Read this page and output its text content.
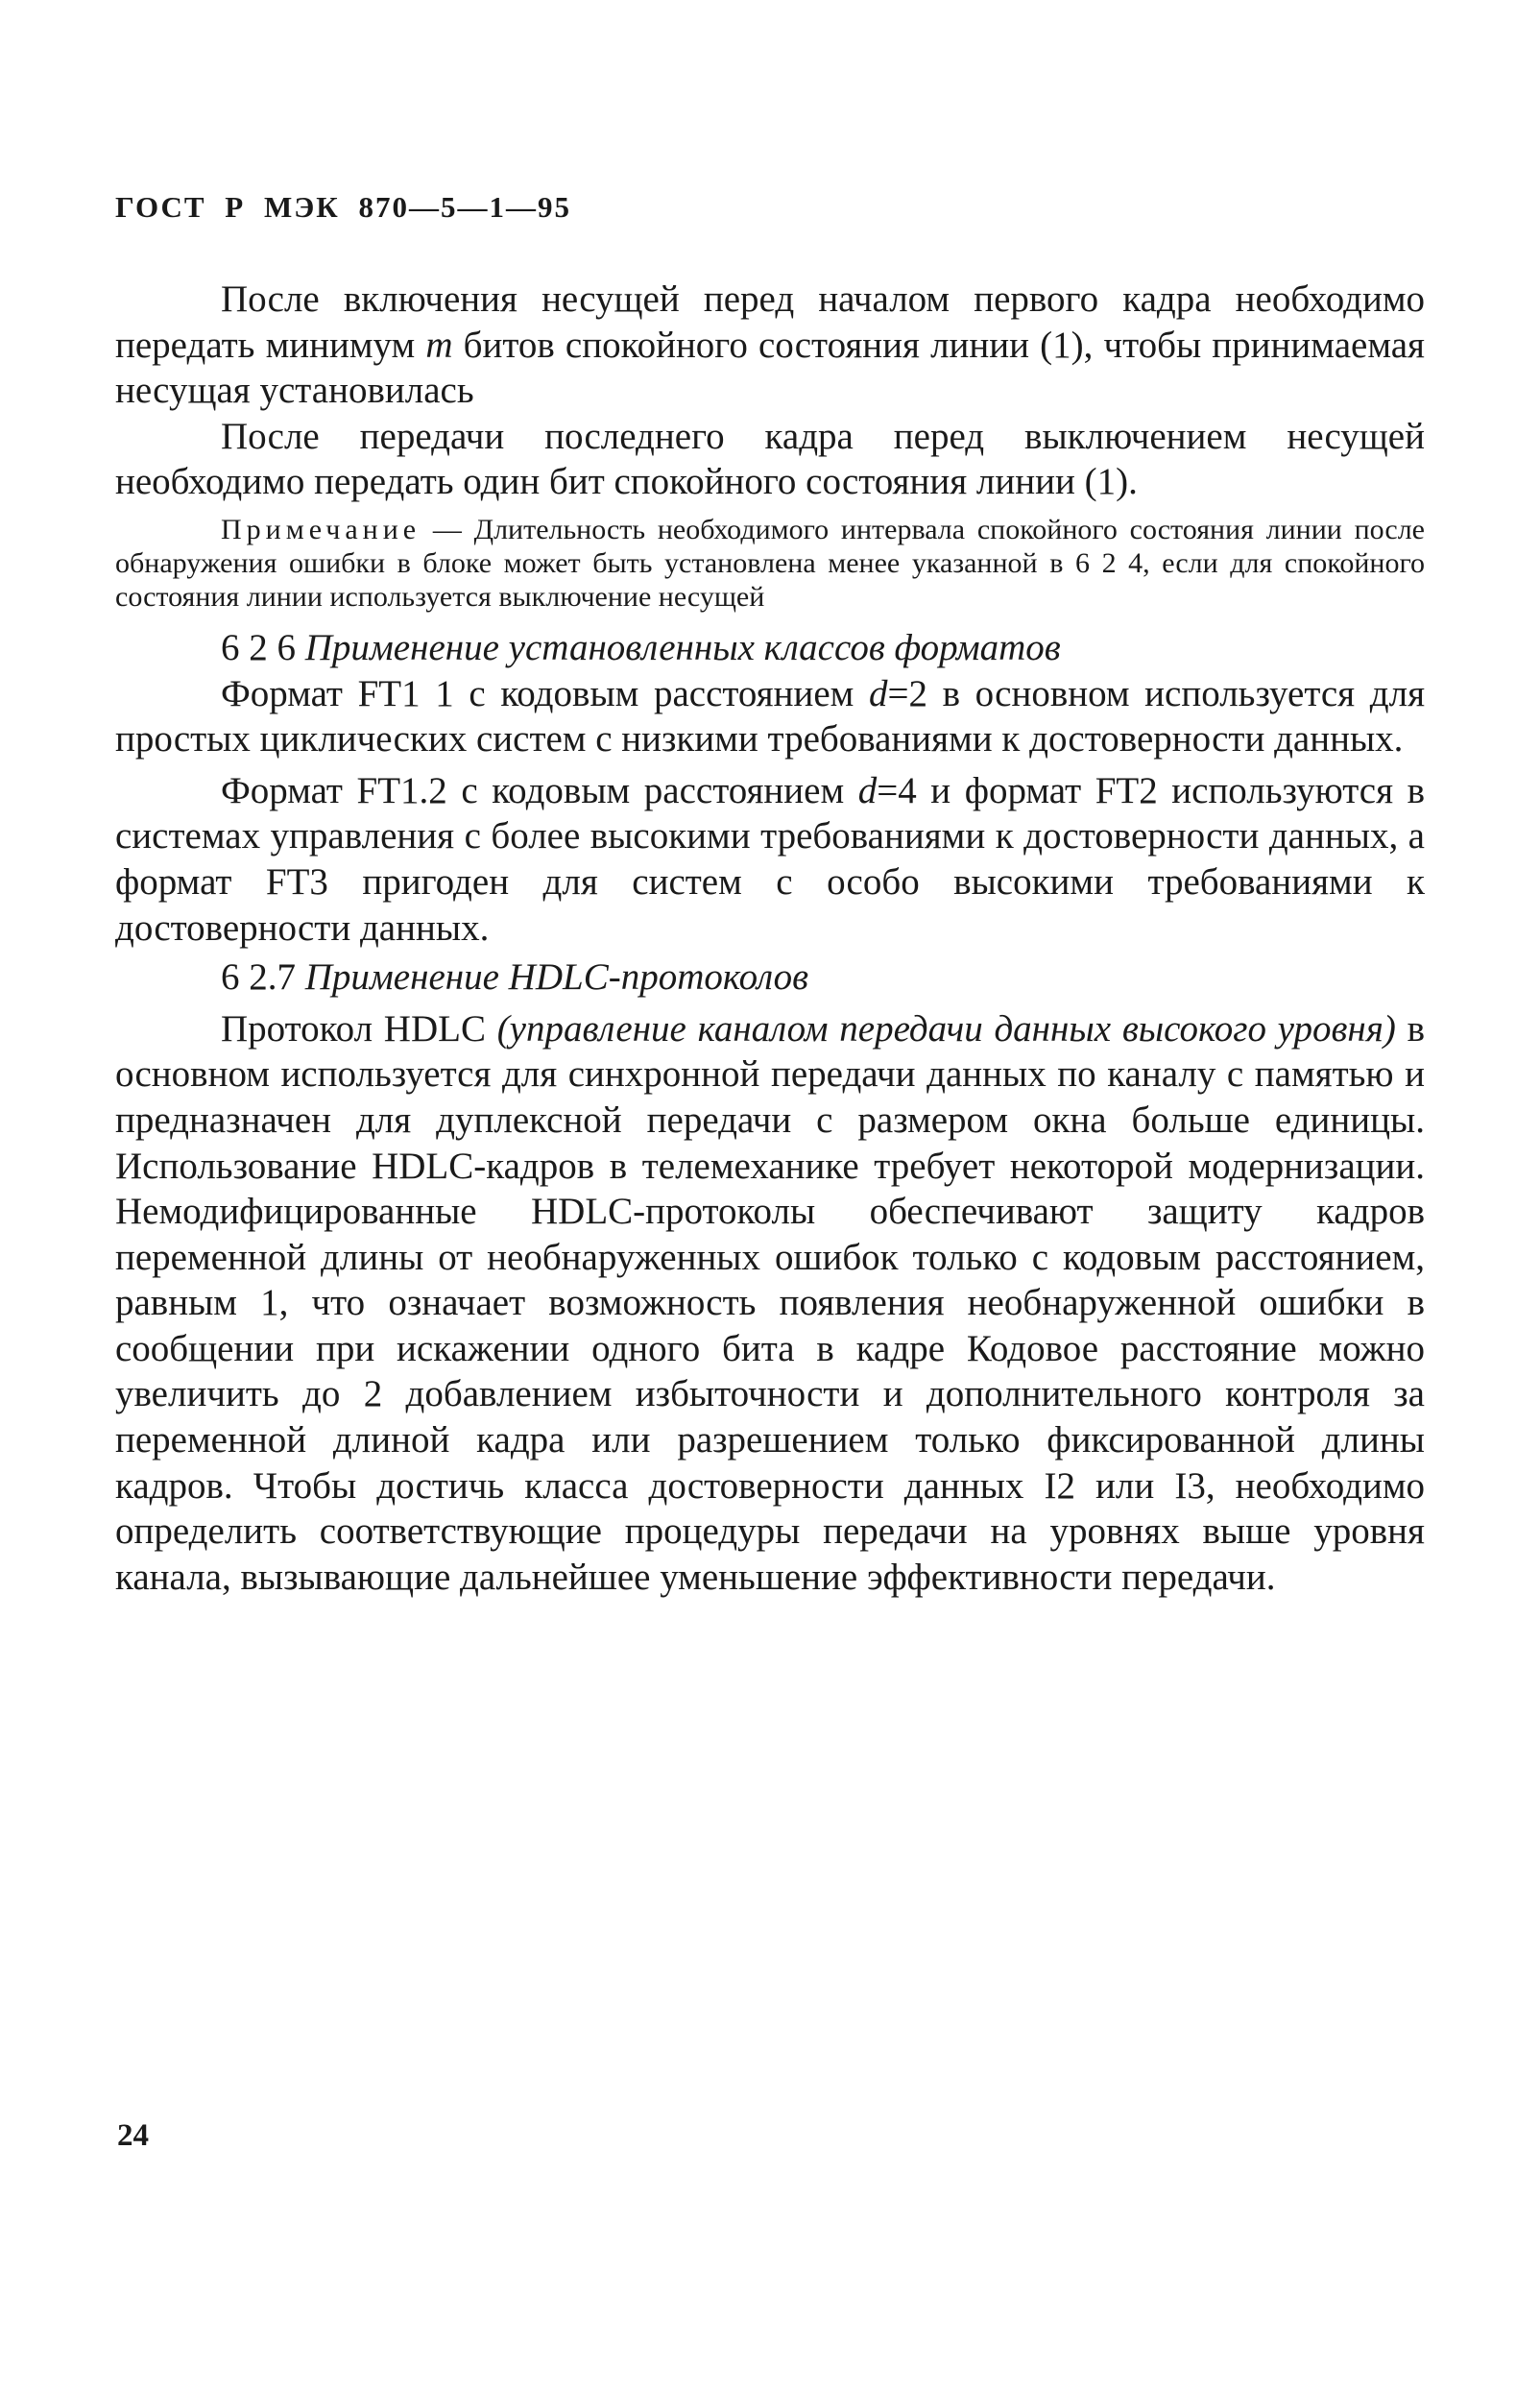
ГОСТ Р МЭК 870—5—1—95

После включения несущей перед началом первого кадра необходимо передать минимум m битов спокойного состояния линии (1), чтобы принимаемая несущая установилась

После передачи последнего кадра перед выключением несущей необходимо передать один бит спокойного состояния линии (1).

Примечание — Длительность необходимого интервала спокойного состояния линии после обнаружения ошибки в блоке может быть установлена менее указанной в 6 2 4, если для спокойного состояния линии используется выключение несущей

6 2 6 Применение установленных классов форматов

Формат FT1 1 с кодовым расстоянием d=2 в основном используется для простых циклических систем с низкими требованиями к достоверности данных.

Формат FT1.2 с кодовым расстоянием d=4 и формат FT2 используются в системах управления с более высокими требованиями к достоверности данных, а формат FT3 пригоден для систем с особо высокими требованиями к достоверности данных.

6 2.7 Применение HDLC-протоколов

Протокол HDLC (управление каналом передачи данных высокого уровня) в основном используется для синхронной передачи данных по каналу с памятью и предназначен для дуплексной передачи с размером окна больше единицы. Использование HDLC-кадров в телемеханике требует некоторой модернизации. Немодифицированные HDLC-протоколы обеспечивают защиту кадров переменной длины от необнаруженных ошибок только с кодовым расстоянием, равным 1, что означает возможность появления необнаруженной ошибки в сообщении при искажении одного бита в кадре Кодовое расстояние можно увеличить до 2 добавлением избыточности и дополнительного контроля за переменной длиной кадра или разрешением только фиксированной длины кадров. Чтобы достичь класса достоверности данных I2 или I3, необходимо определить соответствующие процедуры передачи на уровнях выше уровня канала, вызывающие дальнейшее уменьшение эффективности передачи.

24
